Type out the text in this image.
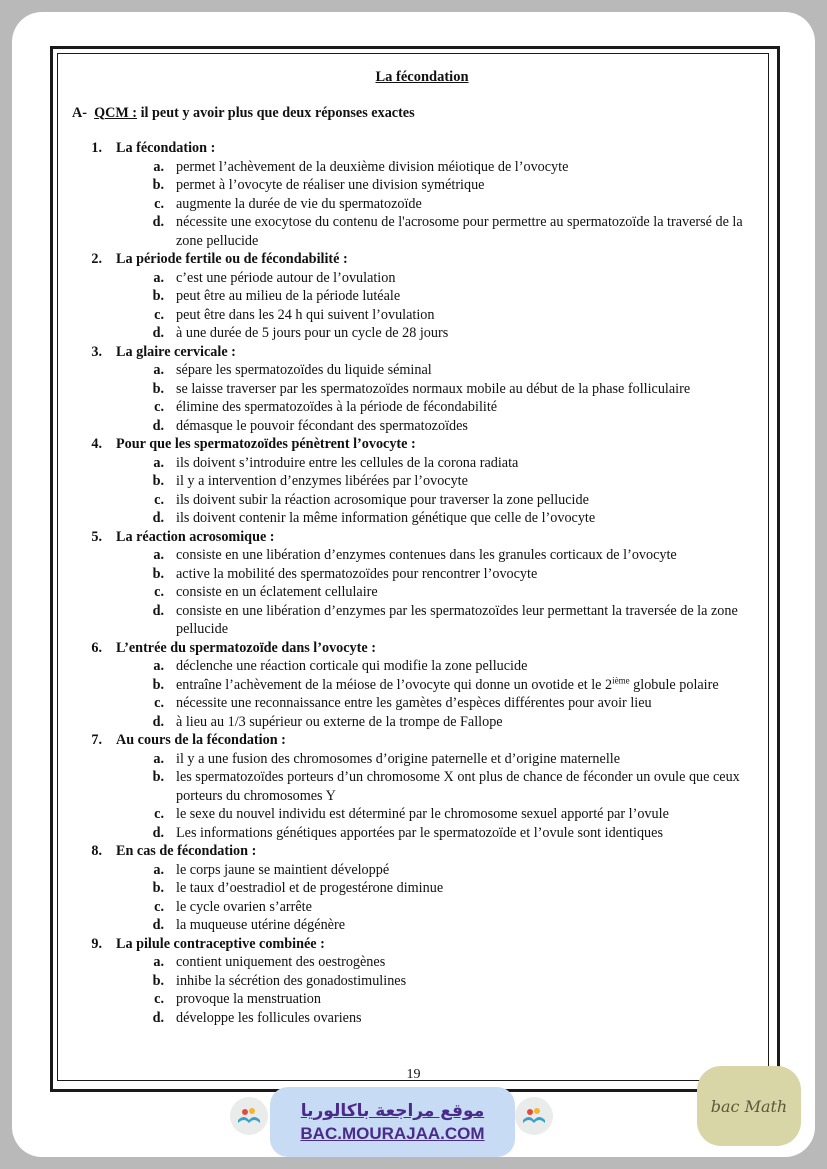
La fécondation
A- QCM : il peut y avoir plus que deux réponses exactes
1. La fécondation :
a. permet l’achèvement de la deuxième division méiotique de l’ovocyte
b. permet à l’ovocyte de réaliser une division symétrique
c. augmente la durée de vie du spermatozoïde
d. nécessite une exocytose du contenu de l'acrosome pour permettre au spermatozoïde la traversé de la zone pellucide
2. La période fertile ou de fécondabilité :
a. c’est une période autour de l’ovulation
b. peut être au milieu de la période lutéale
c. peut être dans les 24 h qui suivent l’ovulation
d. à une durée de 5 jours pour un cycle de 28 jours
3. La glaire cervicale :
a. sépare les spermatozoïdes du liquide séminal
b. se laisse traverser par les spermatozoïdes normaux mobile au début de la phase folliculaire
c. élimine des spermatozoïdes à la période de fécondabilité
d. démasque le pouvoir fécondant des spermatozoïdes
4. Pour que les spermatozoïdes pénètrent l’ovocyte :
a. ils doivent s’introduire entre les cellules de la corona radiata
b. il y a intervention d’enzymes libérées par l’ovocyte
c. ils doivent subir la réaction acrosomique pour traverser la zone pellucide
d. ils doivent contenir la même information génétique que celle de l’ovocyte
5. La réaction acrosomique :
a. consiste en une libération d’enzymes contenues dans les granules corticaux de l’ovocyte
b. active la mobilité des spermatozoïdes pour rencontrer l’ovocyte
c. consiste en un éclatement cellulaire
d. consiste en une libération d’enzymes par les spermatozoïdes leur permettant la traversée de la zone pellucide
6. L’entrée du spermatozoïde dans l’ovocyte :
a. déclenche une réaction corticale qui modifie la zone pellucide
b. entraîne l’achèvement de la méiose de l’ovocyte qui donne un ovotide et le 2ième globule polaire
c. nécessite une reconnaissance entre les gamètes d’espèces différentes pour avoir lieu
d. à lieu au 1/3 supérieur ou externe de la trompe de Fallope
7. Au cours de la fécondation :
a. il y a une fusion des chromosomes d’origine paternelle et d’origine maternelle
b. les spermatozoïdes porteurs d’un chromosome X ont plus de chance de féconder un ovule que ceux porteurs du chromosomes Y
c. le sexe du nouvel individu est déterminé par le chromosome sexuel apporté par l’ovule
d. Les informations génétiques apportées par le spermatozoïde et l’ovule sont identiques
8. En cas de fécondation :
a. le corps jaune se maintient développé
b. le taux d’oestradiol et de progestérone diminue
c. le cycle ovarien s’arrête
d. la muqueuse utérine dégénère
9. La pilule contraceptive combinée :
a. contient uniquement des oestrogènes
b. inhibe la sécrétion des gonadostimulines
c. provoque la menstruation
d. développe les follicules ovariens
19
موقع مراجعة باكالوريا
BAC.MOURAJAA.COM
bac Math
